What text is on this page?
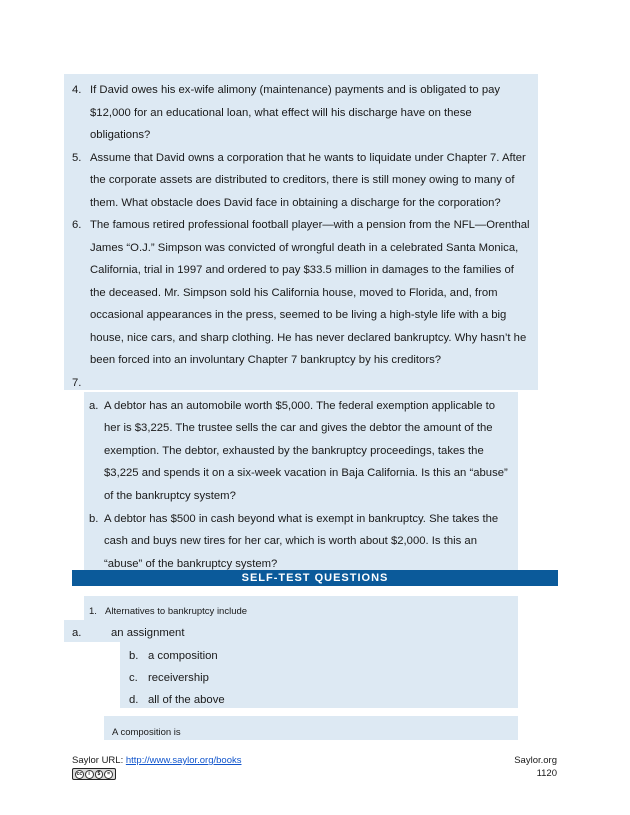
4. If David owes his ex-wife alimony (maintenance) payments and is obligated to pay
$12,000 for an educational loan, what effect will his discharge have on these
obligations?
5. Assume that David owns a corporation that he wants to liquidate under Chapter 7. After
the corporate assets are distributed to creditors, there is still money owing to many of
them. What obstacle does David face in obtaining a discharge for the corporation?
6. The famous retired professional football player—with a pension from the NFL—Orenthal
James “O.J.” Simpson was convicted of wrongful death in a celebrated Santa Monica,
California, trial in 1997 and ordered to pay $33.5 million in damages to the families of
the deceased. Mr. Simpson sold his California house, moved to Florida, and, from
occasional appearances in the press, seemed to be living a high-style life with a big
house, nice cars, and sharp clothing. He has never declared bankruptcy. Why hasn’t he
been forced into an involuntary Chapter 7 bankruptcy by his creditors?
7.
a. A debtor has an automobile worth $5,000. The federal exemption applicable to
her is $3,225. The trustee sells the car and gives the debtor the amount of the
exemption. The debtor, exhausted by the bankruptcy proceedings, takes the
$3,225 and spends it on a six-week vacation in Baja California. Is this an “abuse”
of the bankruptcy system?
b. A debtor has $500 in cash beyond what is exempt in bankruptcy. She takes the
cash and buys new tires for her car, which is worth about $2,000. Is this an
“abuse” of the bankruptcy system?
SELF-TEST QUESTIONS
1. Alternatives to bankruptcy include
a.	an assignment
b. a composition
c. receivership
d. all of the above
A composition is
Saylor URL: http://www.saylor.org/books
cc	i	$	=
Saylor.org
1120
